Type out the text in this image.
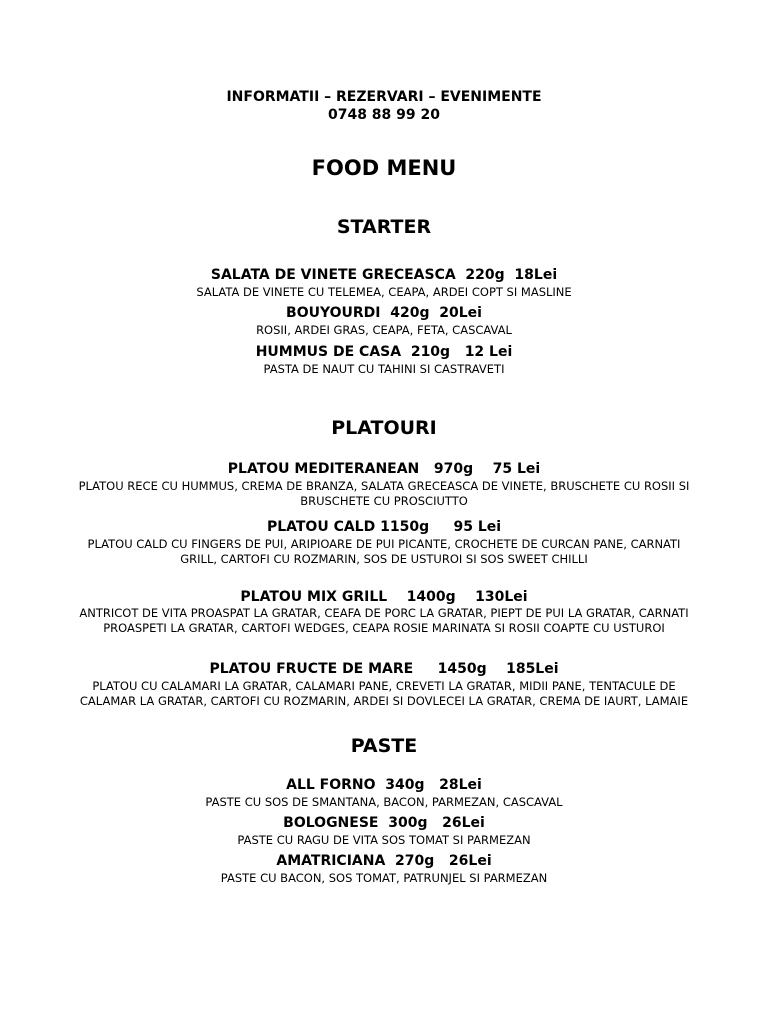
INFORMATII – REZERVARI – EVENIMENTE
0748 88 99 20
FOOD MENU
STARTER
SALATA DE VINETE GRECEASCA  220g  18Lei
SALATA DE VINETE CU TELEMEA, CEAPA, ARDEI COPT SI MASLINE
BOUYOURDI  420g  20Lei
ROSII, ARDEI GRAS, CEAPA, FETA, CASCAVAL
HUMMUS DE CASA  210g   12 Lei
PASTA DE NAUT CU TAHINI SI CASTRAVETI
PLATOURI
PLATOU MEDITERANEAN   970g    75 Lei
PLATOU RECE CU HUMMUS, CREMA DE BRANZA, SALATA GRECEASCA DE VINETE, BRUSCHETE CU ROSII SI BRUSCHETE CU PROSCIUTTO
PLATOU CALD 1150g     95 Lei
PLATOU CALD CU FINGERS DE PUI, ARIPIOARE DE PUI PICANTE, CROCHETE DE CURCAN PANE, CARNATI GRILL, CARTOFI CU ROZMARIN, SOS DE USTUROI SI SOS SWEET CHILLI
PLATOU MIX GRILL    1400g    130Lei
ANTRICOT DE VITA PROASPAT LA GRATAR, CEAFA DE PORC LA GRATAR, PIEPT DE PUI LA GRATAR, CARNATI PROASPETI LA GRATAR, CARTOFI WEDGES, CEAPA ROSIE MARINATA SI ROSII COAPTE CU USTUROI
PLATOU FRUCTE DE MARE     1450g    185Lei
PLATOU CU CALAMARI LA GRATAR, CALAMARI PANE, CREVETI LA GRATAR, MIDII PANE, TENTACULE DE CALAMAR LA GRATAR, CARTOFI CU ROZMARIN, ARDEI SI DOVLECEI LA GRATAR, CREMA DE IAURT, LAMAIE
PASTE
ALL FORNO  340g   28Lei
PASTE CU SOS DE SMANTANA, BACON, PARMEZAN, CASCAVAL
BOLOGNESE  300g   26Lei
PASTE CU RAGU DE VITA SOS TOMAT SI PARMEZAN
AMATRICIANA  270g   26Lei
PASTE CU BACON, SOS TOMAT, PATRUNJEL SI PARMEZAN
